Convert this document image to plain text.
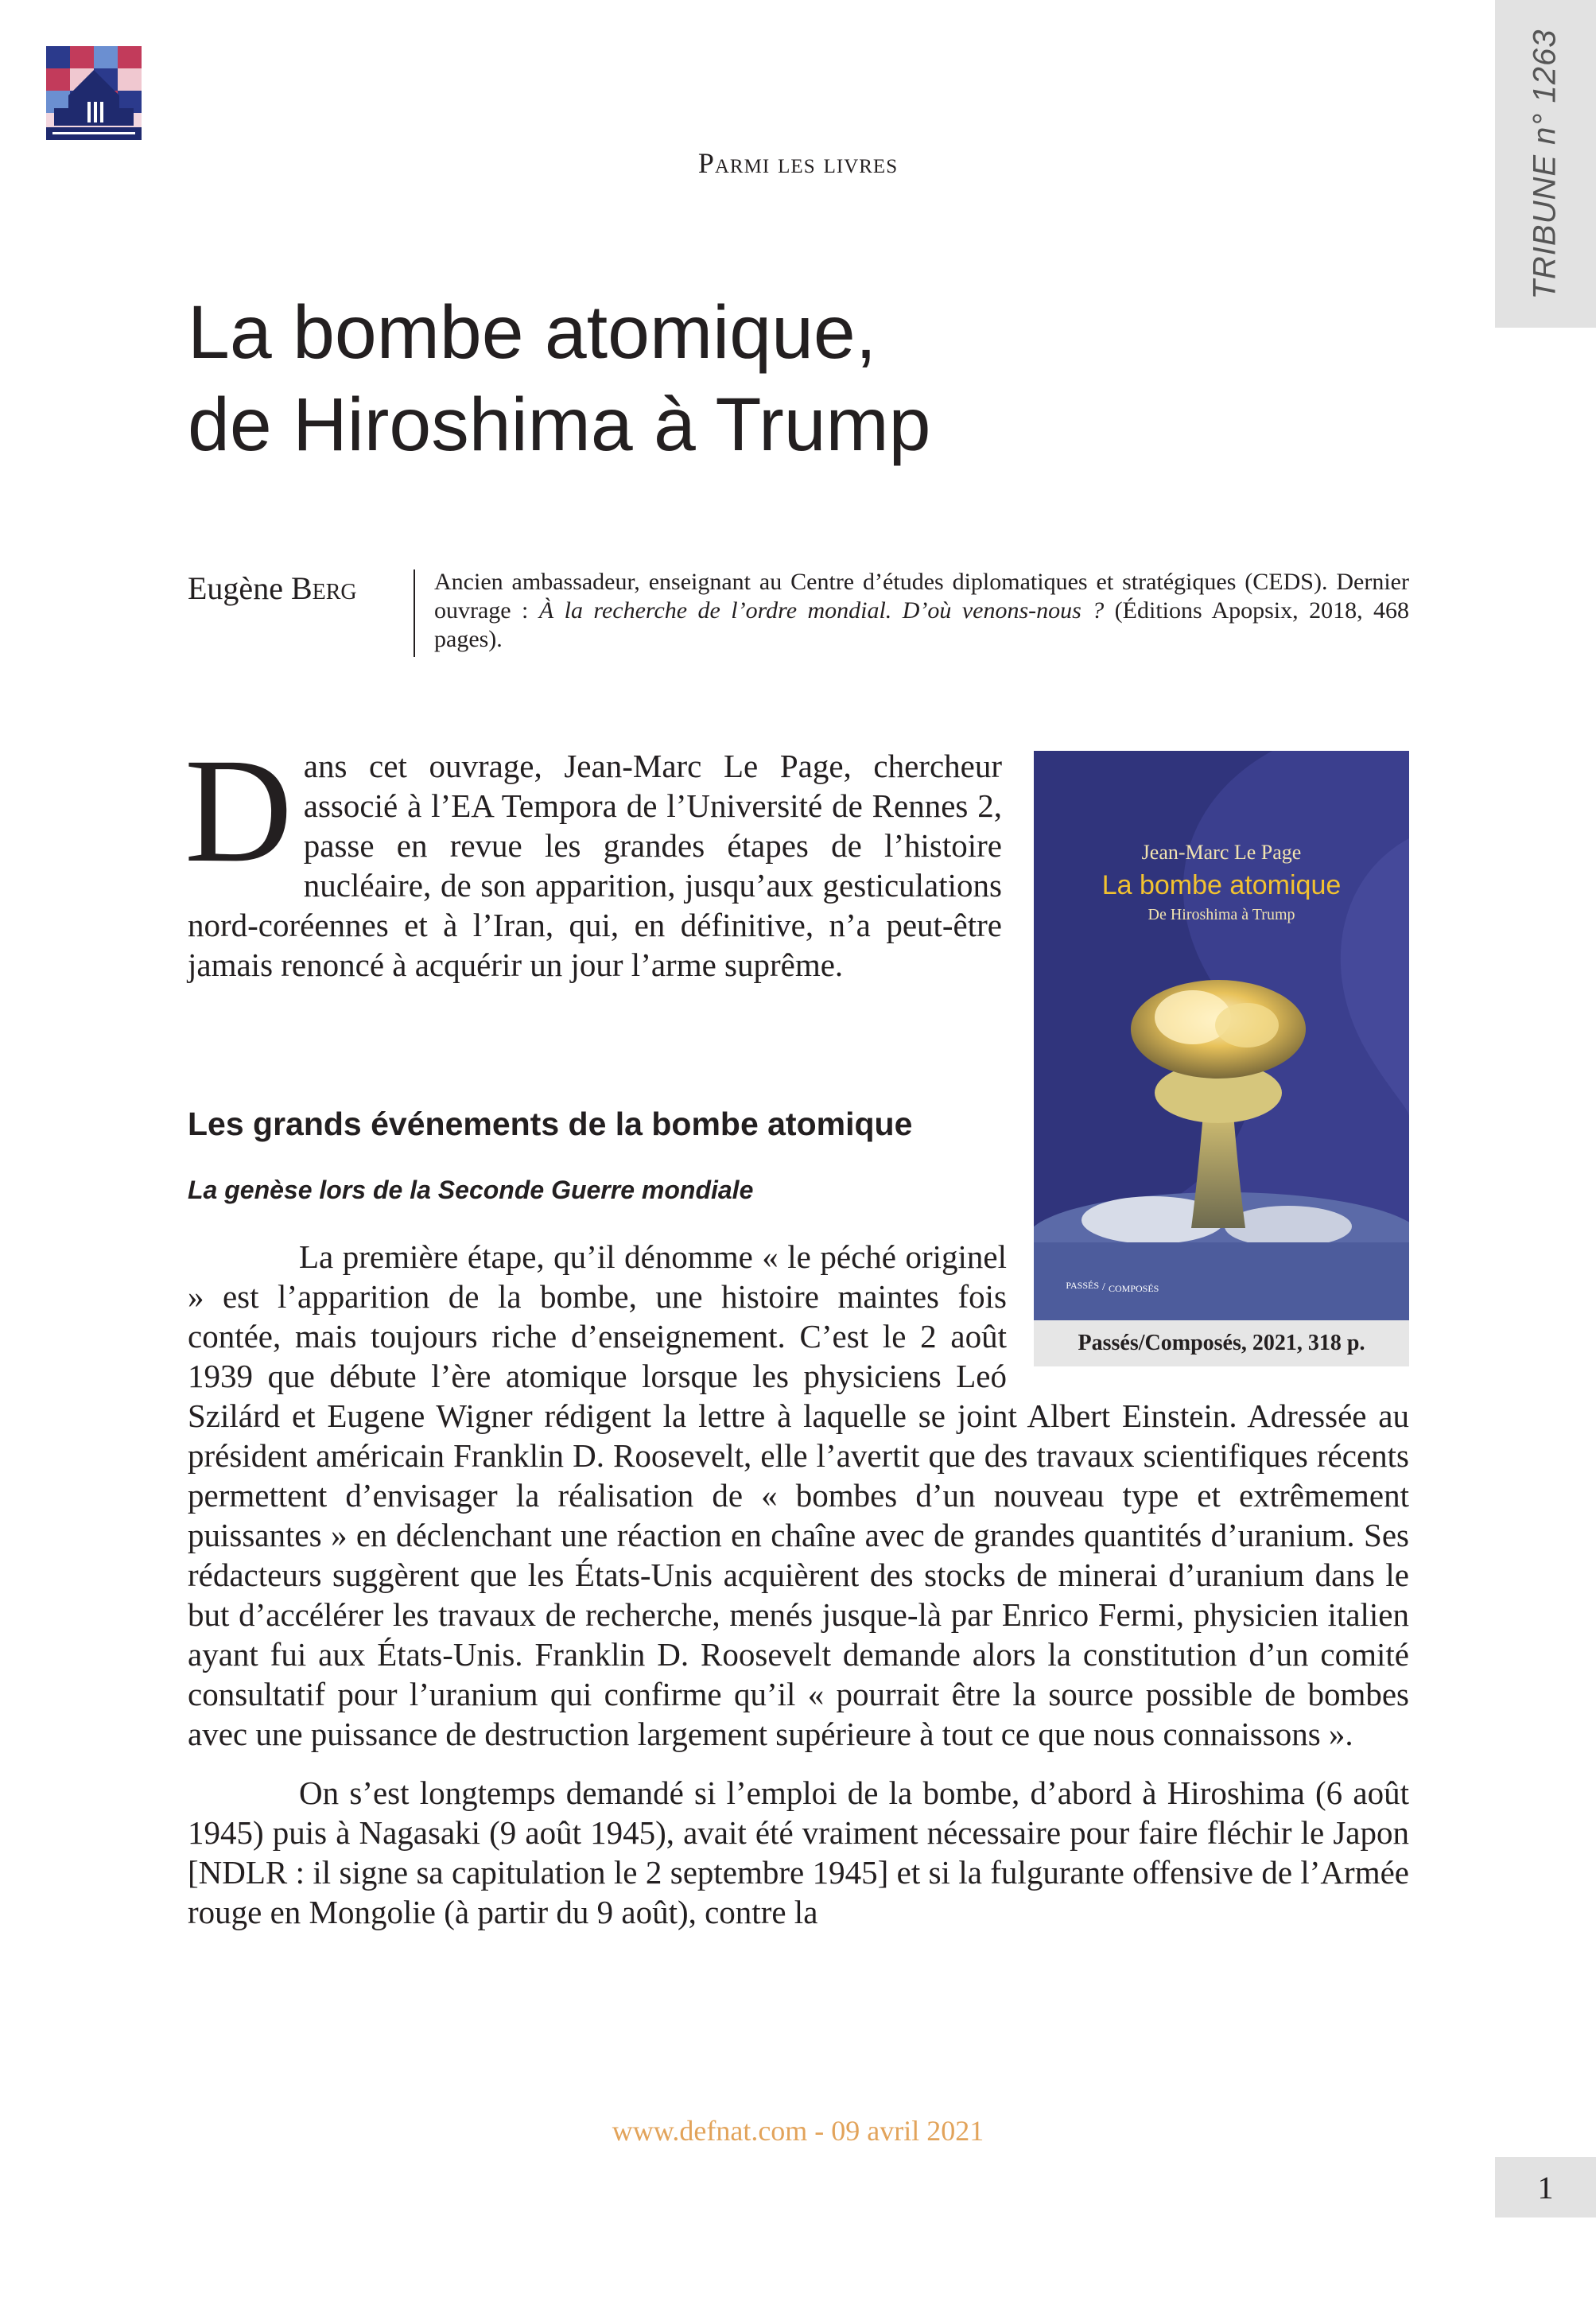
TRIBUNE n° 1263
Parmi les livres
La bombe atomique,
de Hiroshima à Trump
Eugène Berg	Ancien ambassadeur, enseignant au Centre d’études diplomatiques et stratégiques (CEDS). Dernier ouvrage : À la recherche de l’ordre mondial. D’où venons-nous ? (Éditions Apopsix, 2018, 468 pages).

Dans cet ouvrage, Jean-Marc Le Page, chercheur associé à l’EA Tempora de l’Université de Rennes 2, passe en revue les grandes étapes de l’histoire nucléaire, de son apparition, jusqu’aux gesticulations nord-coréennes et à l’Iran, qui, en définitive, n’a peut-être jamais renoncé à acquérir un jour l’arme suprême.

Jean-Marc Le Page
La bombe atomique
De Hiroshima à Trump
PASSÉS / COMPOSÉS
Passés/Composés, 2021, 318 p.
Les grands événements de la bombe atomique
La genèse lors de la Seconde Guerre mondiale

La première étape, qu’il dénomme « le péché originel » est l’apparition de la bombe, une histoire maintes fois contée, mais toujours riche d’enseignement. C’est le 2 août 1939 que débute l’ère atomique lorsque les physiciens Leó Szilárd et Eugene Wigner rédigent la lettre à laquelle se joint Albert Einstein. Adressée au président américain Franklin D. Roosevelt, elle l’avertit que des travaux scientifiques récents permettent d’envisager la réalisation de « bombes d’un nouveau type et extrêmement puissantes » en déclenchant une réaction en chaîne avec de grandes quantités d’uranium. Ses rédacteurs suggèrent que les États-Unis acquièrent des stocks de minerai d’uranium dans le but d’accélérer les travaux de recherche, menés jusque-là par Enrico Fermi, physicien italien ayant fui aux États-Unis. Franklin D. Roosevelt demande alors la constitution d’un comité consultatif pour l’uranium qui confirme qu’il « pourrait être la source possible de bombes avec une puissance de destruction largement supérieure à tout ce que nous connaissons ».

On s’est longtemps demandé si l’emploi de la bombe, d’abord à Hiroshima (6 août 1945) puis à Nagasaki (9 août 1945), avait été vraiment nécessaire pour faire fléchir le Japon [NDLR : il signe sa capitulation le 2 septembre 1945] et si la fulgurante offensive de l’Armée rouge en Mongolie (à partir du 9 août), contre la

www.defnat.com - 09 avril 2021
1
